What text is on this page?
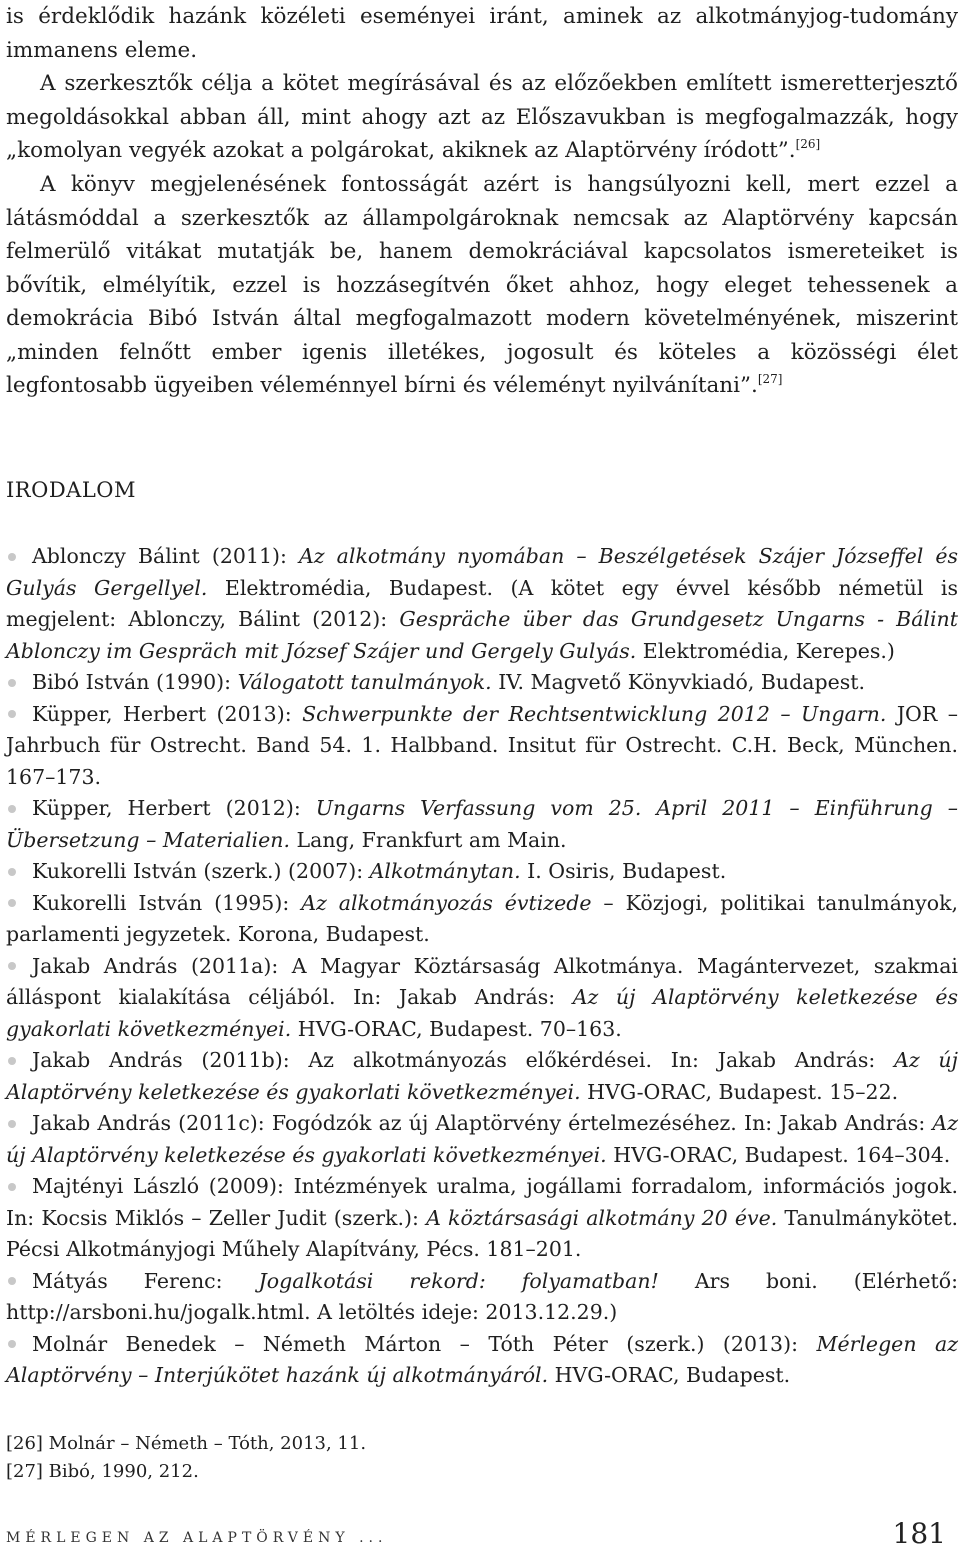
is érdeklődik hazánk közéleti eseményei iránt, aminek az alkotmányjog-tudomány immanens eleme.

A szerkesztők célja a kötet megírásával és az előzőekben említett ismeretterjesztő megoldásokkal abban áll, mint ahogy azt az Előszavukban is megfogalmazzák, hogy „komolyan vegyék azokat a polgárokat, akiknek az Alaptörvény íródott”.[26]

A könyv megjelenésének fontosságát azért is hangsúlyozni kell, mert ezzel a látásmóddal a szerkesztők az állampolgároknak nemcsak az Alaptörvény kapcsán felmerülő vitákat mutatják be, hanem demokráciával kapcsolatos ismereteiket is bővítik, elmélyítik, ezzel is hozzásegítvén őket ahhoz, hogy eleget tehessenek a demokrácia Bibó István által megfogalmazott modern követelményének, miszerint „minden felnőtt ember igenis illetékes, jogosult és köteles a közösségi élet legfontosabb ügyeiben véleménnyel bírni és véleményt nyilvánítani”.[27]

IRODALOM

Ablonczy Bálint (2011): Az alkotmány nyomában – Beszélgetések Szájer Józseffel és Gulyás Gergellyel. Elektromédia, Budapest. (A kötet egy évvel később németül is megjelent: Ablonczy, Bálint (2012): Gespräche über das Grundgesetz Ungarns - Bálint Ablonczy im Gespräch mit József Szájer und Gergely Gulyás. Elektromédia, Kerepes.)

Bibó István (1990): Válogatott tanulmányok. IV. Magvető Könyvkiadó, Budapest.

Küpper, Herbert (2013): Schwerpunkte der Rechtsentwicklung 2012 – Ungarn. JOR – Jahrbuch für Ostrecht. Band 54. 1. Halbband. Insitut für Ostrecht. C.H. Beck, München. 167–173.

Küpper, Herbert (2012): Ungarns Verfassung vom 25. April 2011 – Einführung – Übersetzung – Materialien. Lang, Frankfurt am Main.

Kukorelli István (szerk.) (2007): Alkotmánytan. I. Osiris, Budapest.

Kukorelli István (1995): Az alkotmányozás évtizede – Közjogi, politikai tanulmányok, parlamenti jegyzetek. Korona, Budapest.

Jakab András (2011a): A Magyar Köztársaság Alkotmánya. Magántervezet, szakmai álláspont kialakítása céljából. In: Jakab András: Az új Alaptörvény keletkezése és gyakorlati következményei. HVG-ORAC, Budapest. 70–163.

Jakab András (2011b): Az alkotmányozás előkérdései. In: Jakab András: Az új Alaptörvény keletkezése és gyakorlati következményei. HVG-ORAC, Budapest. 15–22.

Jakab András (2011c): Fogódzók az új Alaptörvény értelmezéséhez. In: Jakab András: Az új Alaptörvény keletkezése és gyakorlati következményei. HVG-ORAC, Budapest. 164–304.

Majtényi László (2009): Intézmények uralma, jogállami forradalom, információs jogok. In: Kocsis Miklós – Zeller Judit (szerk.): A köztársasági alkotmány 20 éve. Tanulmánykötet. Pécsi Alkotmányjogi Műhely Alapítvány, Pécs. 181–201.

Mátyás Ferenc: Jogalkotási rekord: folyamatban! Ars boni. (Elérhető: http://arsboni.hu/jogalk.html. A letöltés ideje: 2013.12.29.)

Molnár Benedek – Németh Márton – Tóth Péter (szerk.) (2013): Mérlegen az Alaptörvény – Interjúkötet hazánk új alkotmányáról. HVG-ORAC, Budapest.

[26] Molnár – Németh – Tóth, 2013, 11.
[27] Bibó, 1990, 212.
MÉRLEGEN AZ ALAPTÖRVÉNY ...	181
